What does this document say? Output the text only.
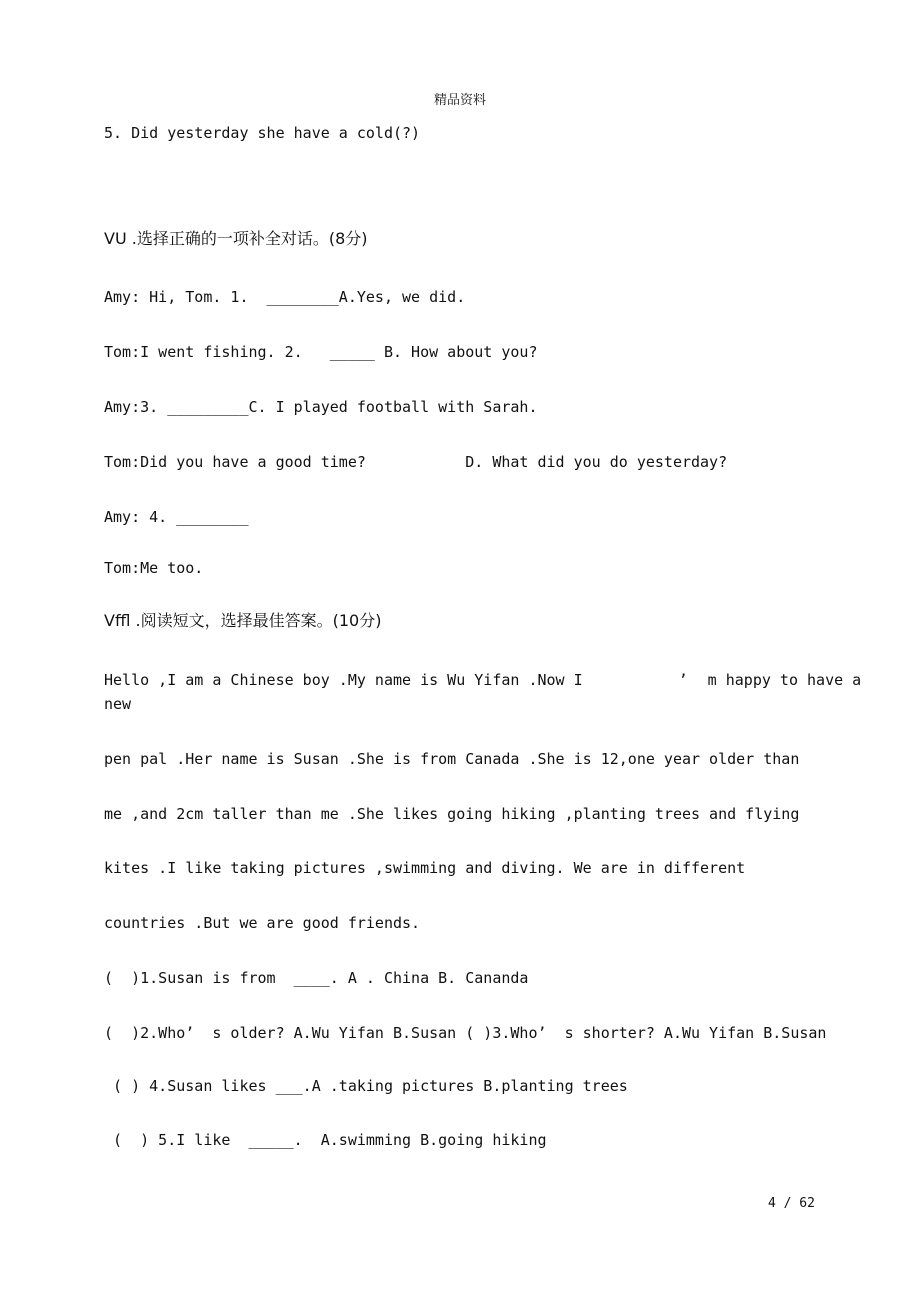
精品资料
5. Did yesterday she have a cold(?)
VU .选择正确的一项补全对话。(8分)
Amy: Hi, Tom. 1.  ________A.Yes, we did.
Tom:I went fishing. 2.   _____ B. How about you?
Amy:3. _________C. I played football with Sarah.
Tom:Did you have a good time?           D. What did you do yesterday?
Amy: 4. ________
Tom:Me too.
Vffl .阅读短文，选择最佳答案。(10分)
Hello ,I am a Chinese boy .My name is Wu Yifan .Now I	’ m happy to have a
new
pen pal .Her name is Susan .She is from Canada .She is 12,one year older than
me ,and 2cm taller than me .She likes going hiking ,planting trees and flying
kites .I like taking pictures ,swimming and diving. We are in different
countries .But we are good friends.
(  )1.Susan is from  ____. A . China B. Cananda
(  )2.Who’  s older? A.Wu Yifan B.Susan ( )3.Who’  s shorter? A.Wu Yifan B.Susan
( ) 4.Susan likes ___.A .taking pictures B.planting trees
(  ) 5.I like  _____.  A.swimming B.going hiking
4 / 62
